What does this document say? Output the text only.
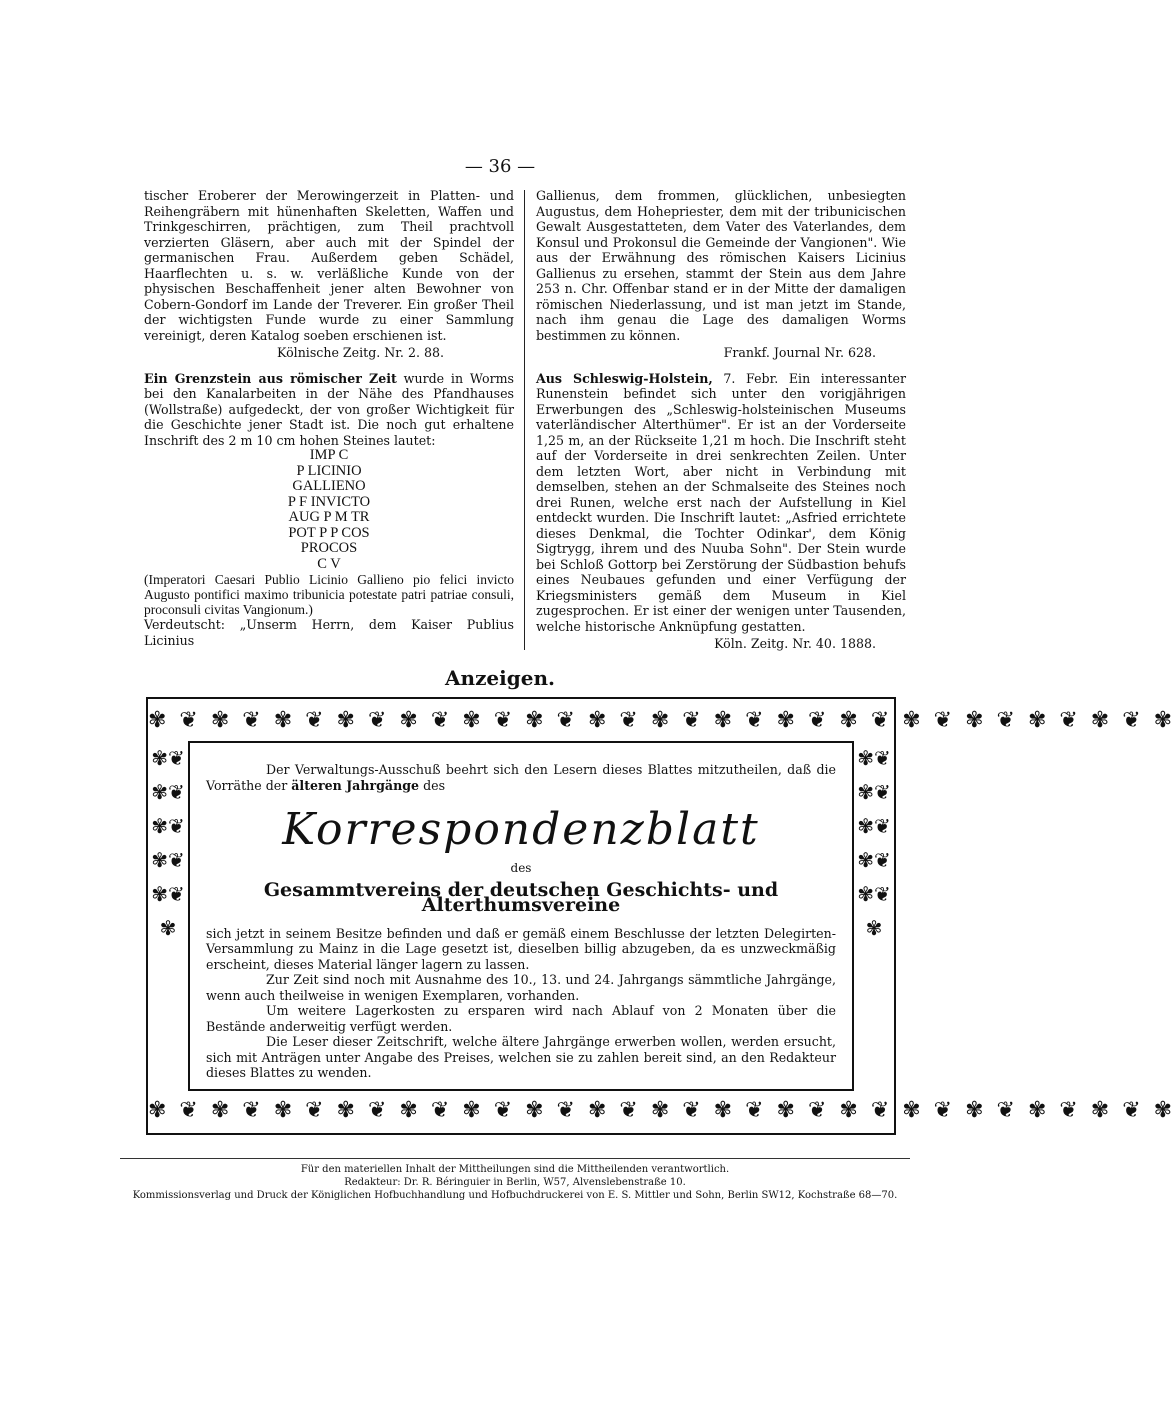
— 36 —

tischer Eroberer der Merowingerzeit in Platten- und Reihengräbern mit hünenhaften Skeletten, Waffen und Trinkgeschirren, prächtigen, zum Theil prachtvoll verzierten Gläsern, aber auch mit der Spindel der germanischen Frau. Außerdem geben Schädel, Haarflechten u. s. w. verläßliche Kunde von der physischen Beschaffenheit jener alten Bewohner von Cobern-Gondorf im Lande der Treverer. Ein großer Theil der wichtigsten Funde wurde zu einer Sammlung vereinigt, deren Katalog soeben erschienen ist.

Kölnische Zeitg. Nr. 2. 88.

Ein Grenzstein aus römischer Zeit wurde in Worms bei den Kanalarbeiten in der Nähe des Pfandhauses (Wollstraße) aufgedeckt, der von großer Wichtigkeit für die Geschichte jener Stadt ist. Die noch gut erhaltene Inschrift des 2 m 10 cm hohen Steines lautet:

IMP C
P LICINIO
GALLIENO
P F INVICTO
AUG P M TR
POT P P COS
PROCOS
C V

(Imperatori Caesari Publio Licinio Gallieno pio felici invicto Augusto pontifici maximo tribunicia potestate patri patriae consuli, proconsuli civitas Vangionum.)

Verdeutscht: „Unserm Herrn, dem Kaiser Publius Licinius

Gallienus, dem frommen, glücklichen, unbesiegten Augustus, dem Hohepriester, dem mit der tribunicischen Gewalt Ausgestatteten, dem Vater des Vaterlandes, dem Konsul und Prokonsul die Gemeinde der Vangionen". Wie aus der Erwähnung des römischen Kaisers Licinius Gallienus zu ersehen, stammt der Stein aus dem Jahre 253 n. Chr. Offenbar stand er in der Mitte der damaligen römischen Niederlassung, und ist man jetzt im Stande, nach ihm genau die Lage des damaligen Worms bestimmen zu können.

Frankf. Journal Nr. 628.

Aus Schleswig-Holstein, 7. Febr. Ein interessanter Runenstein befindet sich unter den vorigjährigen Erwerbungen des „Schleswig-holsteinischen Museums vaterländischer Alterthümer". Er ist an der Vorderseite 1,25 m, an der Rückseite 1,21 m hoch. Die Inschrift steht auf der Vorderseite in drei senkrechten Zeilen. Unter dem letzten Wort, aber nicht in Verbindung mit demselben, stehen an der Schmalseite des Steines noch drei Runen, welche erst nach der Aufstellung in Kiel entdeckt wurden. Die Inschrift lautet: „Asfried errichtete dieses Denkmal, die Tochter Odinkar', dem König Sigtrygg, ihrem und des Nuuba Sohn". Der Stein wurde bei Schloß Gottorp bei Zerstörung der Südbastion behufs eines Neubaues gefunden und einer Verfügung der Kriegsministers gemäß dem Museum in Kiel zugesprochen. Er ist einer der wenigen unter Tausenden, welche historische Anknüpfung gestatten.

Köln. Zeitg. Nr. 40. 1888.

Anzeigen.
✾ ❦ ✾ ❦ ✾ ❦ ✾ ❦ ✾ ❦ ✾ ❦ ✾ ❦ ✾ ❦ ✾ ❦ ✾ ❦ ✾ ❦ ✾ ❦ ✾ ❦ ✾ ❦ ✾ ❦ ✾ ❦ ✾
✾❦✾❦✾❦✾❦✾❦✾
✾❦✾❦✾❦✾❦✾❦✾
✾ ❦ ✾ ❦ ✾ ❦ ✾ ❦ ✾ ❦ ✾ ❦ ✾ ❦ ✾ ❦ ✾ ❦ ✾ ❦ ✾ ❦ ✾ ❦ ✾ ❦ ✾ ❦ ✾ ❦ ✾ ❦ ✾

Der Verwaltungs-Ausschuß beehrt sich den Lesern dieses Blattes mitzutheilen, daß die Vorräthe der älteren Jahrgänge des

Korrespondenzblatt

des

Gesammtvereins der deutschen Geschichts- und Alterthumsvereine

sich jetzt in seinem Besitze befinden und daß er gemäß einem Beschlusse der letzten Delegirten-Versammlung zu Mainz in die Lage gesetzt ist, dieselben billig abzugeben, da es unzweckmäßig erscheint, dieses Material länger lagern zu lassen.

Zur Zeit sind noch mit Ausnahme des 10., 13. und 24. Jahrgangs sämmtliche Jahrgänge, wenn auch theilweise in wenigen Exemplaren, vorhanden.

Um weitere Lagerkosten zu ersparen wird nach Ablauf von 2 Monaten über die Bestände anderweitig verfügt werden.

Die Leser dieser Zeitschrift, welche ältere Jahrgänge erwerben wollen, werden ersucht, sich mit Anträgen unter Angabe des Preises, welchen sie zu zahlen bereit sind, an den Redakteur dieses Blattes zu wenden.

Für den materiellen Inhalt der Mittheilungen sind die Mittheilenden verantwortlich.

Redakteur: Dr. R. Béringuier in Berlin, W57, Alvenslebenstraße 10.

Kommissionsverlag und Druck der Königlichen Hofbuchhandlung und Hofbuchdruckerei von E. S. Mittler und Sohn, Berlin SW12, Kochstraße 68—70.
